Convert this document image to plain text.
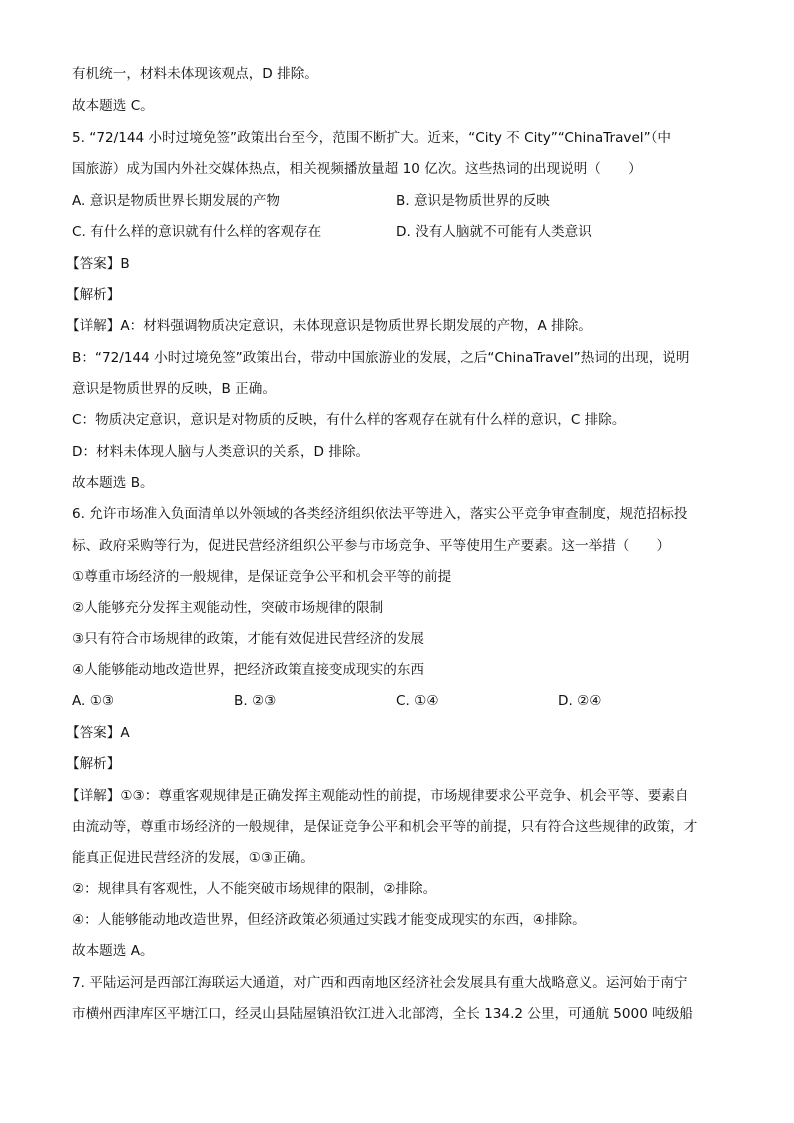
有机统一，材料未体现该观点，D 排除。
故本题选 C。
5. “72/144 小时过境免签”政策出台至今，范围不断扩大。近来，“City 不 City”“ChinaTravel”（中
国旅游）成为国内外社交媒体热点，相关视频播放量超 10 亿次。这些热词的出现说明（　　）
A. 意识是物质世界长期发展的产物	B. 意识是物质世界的反映
C. 有什么样的意识就有什么样的客观存在	D. 没有人脑就不可能有人类意识
【答案】B
【解析】
【详解】A：材料强调物质决定意识，未体现意识是物质世界长期发展的产物，A 排除。
B：“72/144 小时过境免签”政策出台，带动中国旅游业的发展，之后“ChinaTravel”热词的出现，说明
意识是物质世界的反映，B 正确。
C：物质决定意识，意识是对物质的反映，有什么样的客观存在就有什么样的意识，C 排除。
D：材料未体现人脑与人类意识的关系，D 排除。
故本题选 B。
6. 允许市场准入负面清单以外领域的各类经济组织依法平等进入，落实公平竞争审查制度，规范招标投
标、政府采购等行为，促进民营经济组织公平参与市场竞争、平等使用生产要素。这一举措（　　）
①尊重市场经济的一般规律，是保证竞争公平和机会平等的前提
②人能够充分发挥主观能动性，突破市场规律的限制
③只有符合市场规律的政策，才能有效促进民营经济的发展
④人能够能动地改造世界，把经济政策直接变成现实的东西
A. ①③	B. ②③	C. ①④	D. ②④
【答案】A
【解析】
【详解】①③：尊重客观规律是正确发挥主观能动性的前提，市场规律要求公平竞争、机会平等、要素自
由流动等，尊重市场经济的一般规律，是保证竞争公平和机会平等的前提，只有符合这些规律的政策，才
能真正促进民营经济的发展，①③正确。
②：规律具有客观性，人不能突破市场规律的限制，②排除。
④：人能够能动地改造世界，但经济政策必须通过实践才能变成现实的东西，④排除。
故本题选 A。
7. 平陆运河是西部江海联运大通道，对广西和西南地区经济社会发展具有重大战略意义。运河始于南宁
市横州西津库区平塘江口，经灵山县陆屋镇沿钦江进入北部湾，全长 134.2 公里，可通航 5000 吨级船
